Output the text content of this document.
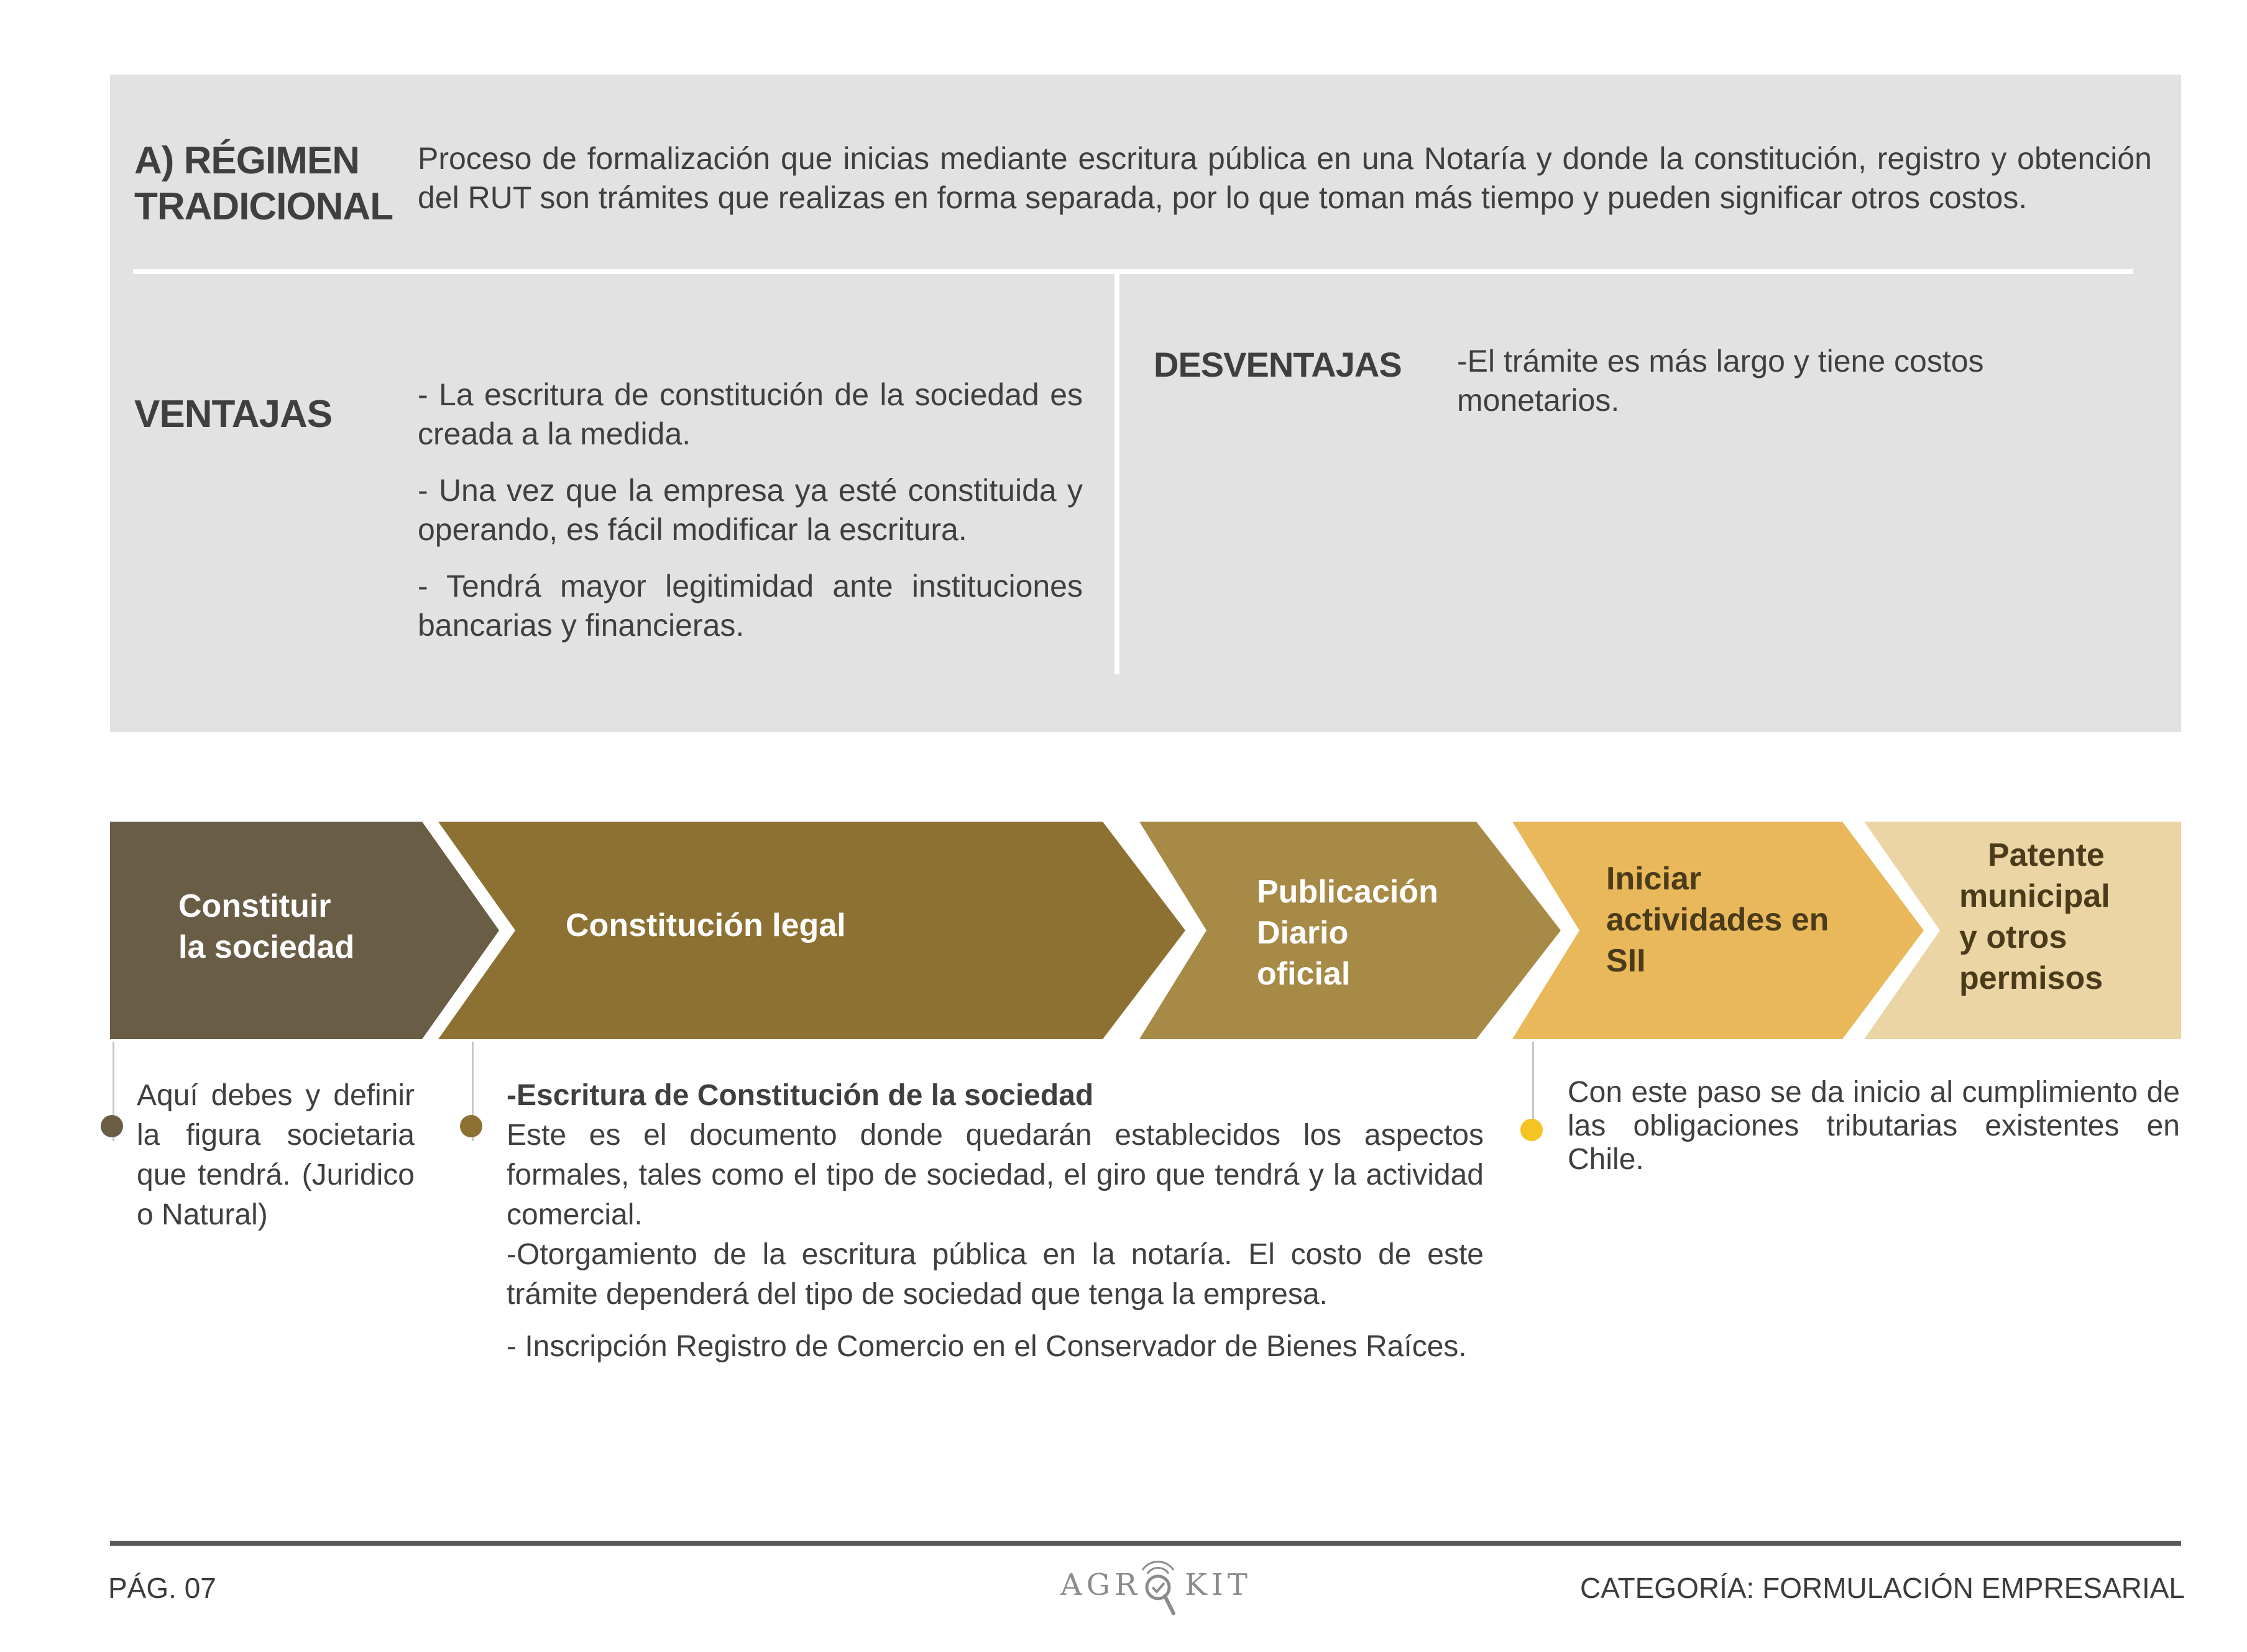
A) RÉGIMEN
TRADICIONAL
Proceso de formalización que inicias mediante escritura pública en una Notaría y donde la constitución, registro y obtención del RUT son trámites que realizas en forma separada, por lo que toman más tiempo y pueden significar otros costos.
VENTAJAS	- La escritura de constitución de la sociedad es creada a la medida.

- Una vez que la empresa ya esté constituida y operando, es fácil modificar la escritura.

- Tendrá mayor legitimidad ante instituciones bancarias y financieras.

DESVENTAJAS -El trámite es más largo y tiene costos monetarios.
Constituir
la sociedad
Constitución legal
Publicación
Diario
oficial
Iniciar
actividades en
SII
Patente
municipal
y otros
permisos
Aquí debes y definir la figura societaria que tendrá. (Juridico o Natural)
-Escritura de Constitución de la sociedad
Este es el documento donde quedarán establecidos los aspectos formales, tales como el tipo de sociedad, el giro que tendrá y la actividad comercial.
-Otorgamiento de la escritura pública en la notaría. El costo de este trámite dependerá del tipo de sociedad que tenga la empresa.
- Inscripción Registro de Comercio en el Conservador de Bienes Raíces.
Con este paso se da inicio al cumplimiento de las obligaciones tributarias existentes en Chile.
PÁG. 07	AGR KIT	CATEGORÍA: FORMULACIÓN EMPRESARIAL
